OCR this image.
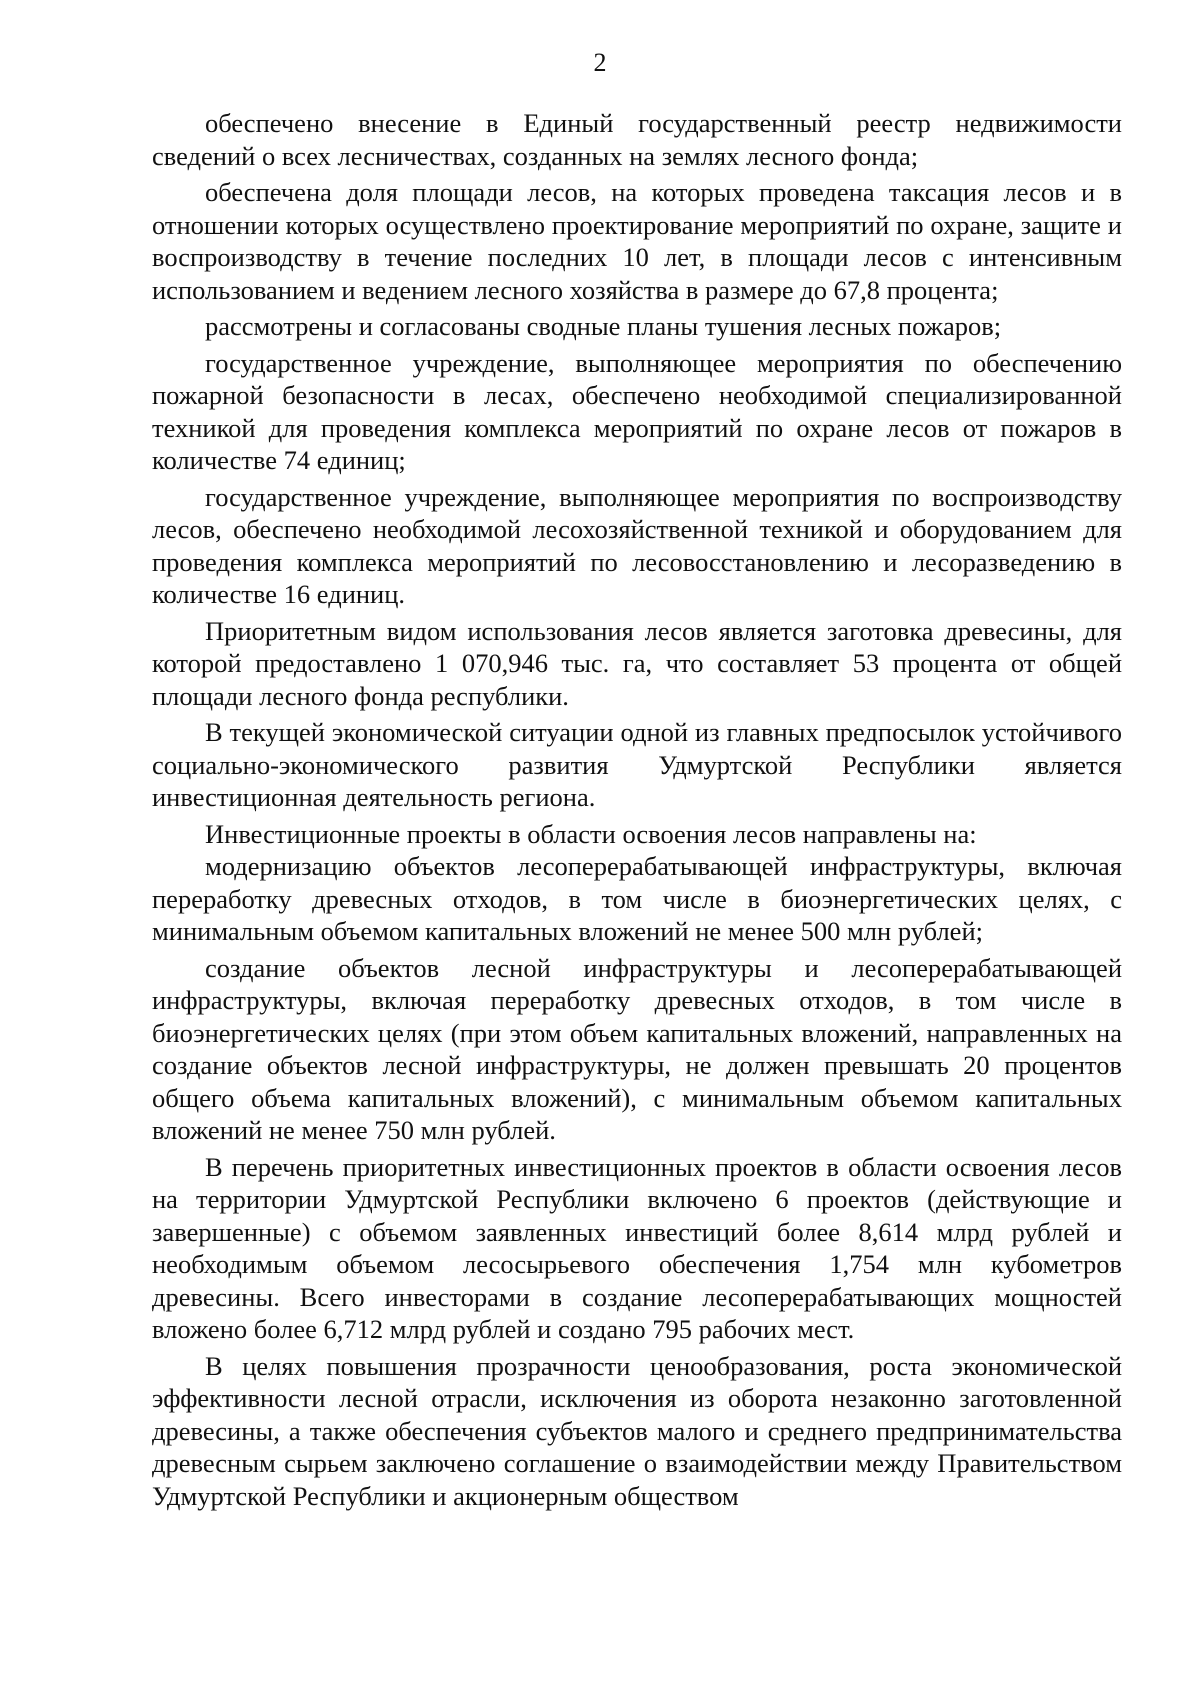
2

обеспечено внесение в Единый государственный реестр недвижимости сведений о всех лесничествах, созданных на землях лесного фонда;

обеспечена доля площади лесов, на которых проведена таксация лесов и в отношении которых осуществлено проектирование мероприятий по охране, защите и воспроизводству в течение последних 10 лет, в площади лесов с интенсивным использованием и ведением лесного хозяйства в размере до 67,8 процента;

рассмотрены и согласованы сводные планы тушения лесных пожаров;

государственное учреждение, выполняющее мероприятия по обеспечению пожарной безопасности в лесах, обеспечено необходимой специализированной техникой для проведения комплекса мероприятий по охране лесов от пожаров в количестве 74 единиц;

государственное учреждение, выполняющее мероприятия по воспроизводству лесов, обеспечено необходимой лесохозяйственной техникой и оборудованием для проведения комплекса мероприятий по лесовосстановлению и лесоразведению в количестве 16 единиц.

Приоритетным видом использования лесов является заготовка древесины, для которой предоставлено 1 070,946 тыс. га, что составляет 53 процента от общей площади лесного фонда республики.

В текущей экономической ситуации одной из главных предпосылок устойчивого социально-экономического развития Удмуртской Республики является инвестиционная деятельность региона.

Инвестиционные проекты в области освоения лесов направлены на:

модернизацию объектов лесоперерабатывающей инфраструктуры, включая переработку древесных отходов, в том числе в биоэнергетических целях, с минимальным объемом капитальных вложений не менее 500 млн рублей;

создание объектов лесной инфраструктуры и лесоперерабатывающей инфраструктуры, включая переработку древесных отходов, в том числе в биоэнергетических целях (при этом объем капитальных вложений, направленных на создание объектов лесной инфраструктуры, не должен превышать 20 процентов общего объема капитальных вложений), с минимальным объемом капитальных вложений не менее 750 млн рублей.

В перечень приоритетных инвестиционных проектов в области освоения лесов на территории Удмуртской Республики включено 6 проектов (действующие и завершенные) с объемом заявленных инвестиций более 8,614 млрд рублей и необходимым объемом лесосырьевого обеспечения 1,754 млн кубометров древесины. Всего инвесторами в создание лесоперерабатывающих мощностей вложено более 6,712 млрд рублей и создано 795 рабочих мест.

В целях повышения прозрачности ценообразования, роста экономической эффективности лесной отрасли, исключения из оборота незаконно заготовленной древесины, а также обеспечения субъектов малого и среднего предпринимательства древесным сырьем заключено соглашение о взаимодействии между Правительством Удмуртской Республики и акционерным обществом
